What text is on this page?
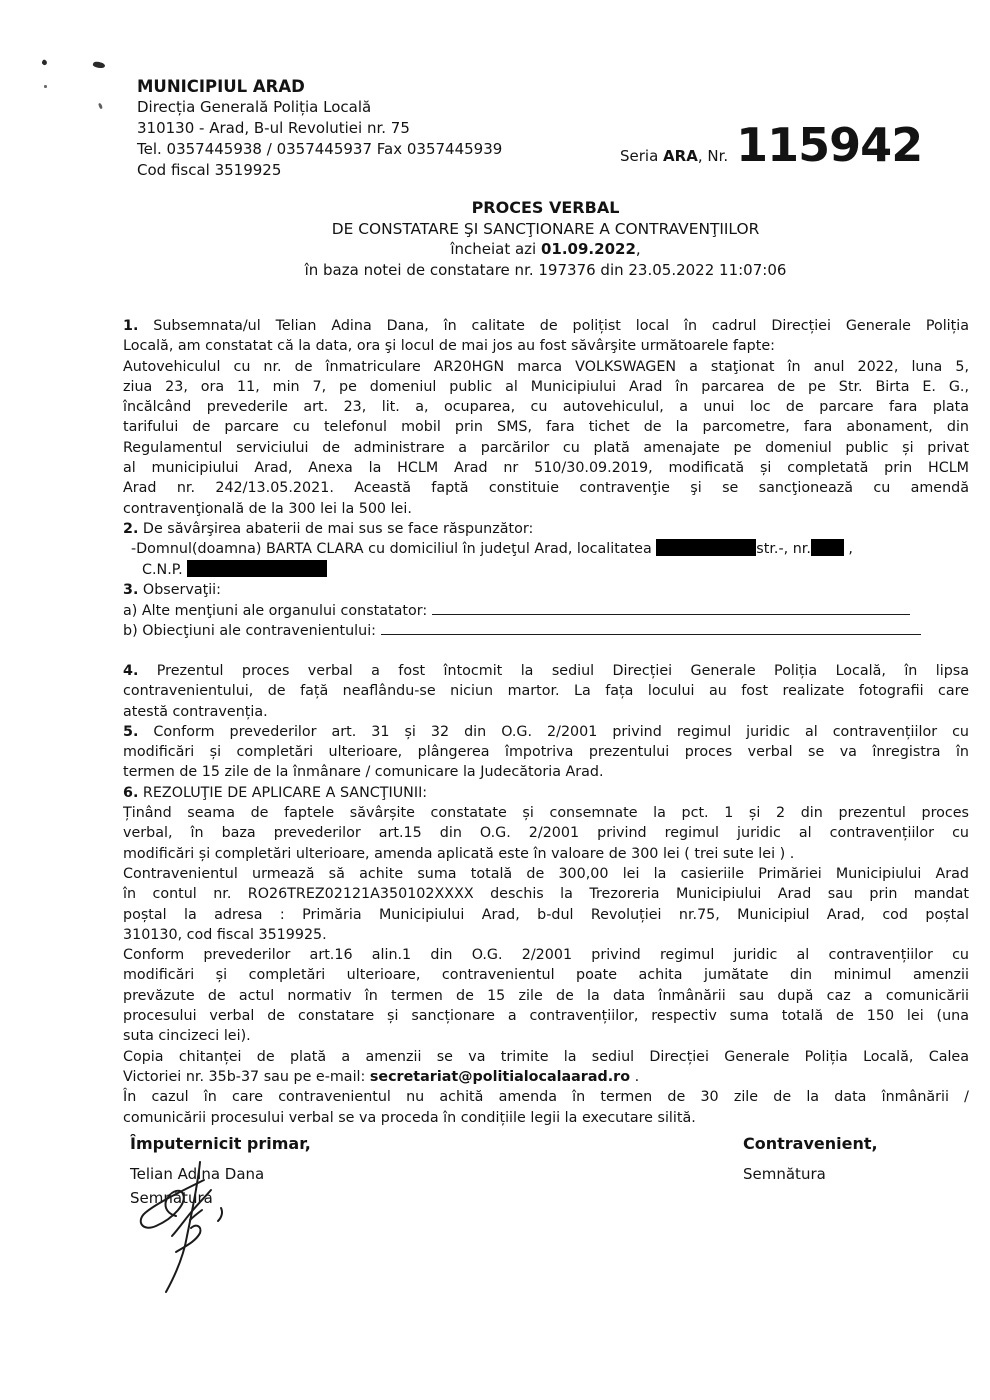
MUNICIPIUL ARAD
Direcția Generală Poliția Locală
310130 - Arad, B-ul Revolutiei nr. 75
Tel. 0357445938 / 0357445937 Fax 0357445939
Cod fiscal 3519925
Seria ARA , Nr. 115942
PROCES VERBAL
DE CONSTATARE ŞI SANCŢIONARE A CONTRAVENŢIILOR
încheiat azi 01.09.2022,
în baza notei de constatare nr. 197376 din 23.05.2022 11:07:06
1. Subsemnata/ul Telian Adina Dana, în calitate de polițist local în cadrul Direcției Generale Poliția
Locală, am constatat că la data, ora şi locul de mai jos au fost săvârşite următoarele fapte:
Autovehiculul cu nr. de înmatriculare AR20HGN marca VOLKSWAGEN a staţionat în anul 2022, luna 5,
ziua 23, ora 11, min 7, pe domeniul public al Municipiului Arad în parcarea de pe Str. Birta E. G.,
încălcând prevederile art. 23, lit. a, ocuparea, cu autovehiculul, a unui loc de parcare fara plata
tarifului de parcare cu telefonul mobil prin SMS, fara tichet de la parcometre, fara abonament, din
Regulamentul serviciului de administrare a parcărilor cu plată amenajate pe domeniul public și privat
al municipiului Arad, Anexa la HCLM Arad nr 510/30.09.2019, modificată și completată prin HCLM
Arad nr. 242/13.05.2021. Această faptă constituie contravenţie şi se sancţionează cu amendă
contravenţională de la 300 lei la 500 lei.
2. De săvârşirea abaterii de mai sus se face răspunzător:
-Domnul(doamna) BARTA CLARA cu domiciliul în judeţul Arad, localitatea	str.-, nr. ,
C.N.P.
3. Observaţii:
a) Alte menţiuni ale organului constatator:
b) Obiecţiuni ale contravenientului:
4. Prezentul proces verbal a fost întocmit la sediul Direcției Generale Poliția Locală, în lipsa
contravenientului, de față neaflându-se niciun martor. La fața locului au fost realizate fotografii care
atestă contravenția.
5. Conform prevederilor art. 31 și 32 din O.G. 2/2001 privind regimul juridic al contravențiilor cu
modificări și completări ulterioare, plângerea împotriva prezentului proces verbal se va înregistra în
termen de 15 zile de la înmânare / comunicare la Judecătoria Arad.
6. REZOLUŢIE DE APLICARE A SANCŢIUNII:
Ținând seama de faptele săvârșite constatate și consemnate la pct. 1 și 2 din prezentul proces
verbal, în baza prevederilor art.15 din O.G. 2/2001 privind regimul juridic al contravențiilor cu
modificări și completări ulterioare, amenda aplicată este în valoare de 300 lei ( trei sute lei ) .
Contravenientul urmează să achite suma totală de 300,00 lei la casieriile Primăriei Municipiului Arad
în contul nr. RO26TREZ02121A350102XXXX deschis la Trezoreria Municipiului Arad sau prin mandat
poștal la adresa : Primăria Municipiului Arad, b-dul Revoluției nr.75, Municipiul Arad, cod poștal
310130, cod fiscal 3519925.
Conform prevederilor art.16 alin.1 din O.G. 2/2001 privind regimul juridic al contravențiilor cu
modificări și completări ulterioare, contravenientul poate achita jumătate din minimul amenzii
prevăzute de actul normativ în termen de 15 zile de la data înmânării sau după caz a comunicării
procesului verbal de constatare și sancționare a contravențiilor, respectiv suma totală de 150 lei (una
suta cincizeci lei).
Copia chitanței de plată a amenzii se va trimite la sediul Direcției Generale Poliția Locală, Calea
Victoriei nr. 35b-37 sau pe e-mail: secretariat@politialocalaarad.ro .
În cazul în care contravenientul nu achită amenda în termen de 30 zile de la data înmânării /
comunicării procesului verbal se va proceda în condițiile legii la executare silită.
Împuternicit primar,
Telian Adina Dana
Semnătura
Contravenient,
Semnătura
